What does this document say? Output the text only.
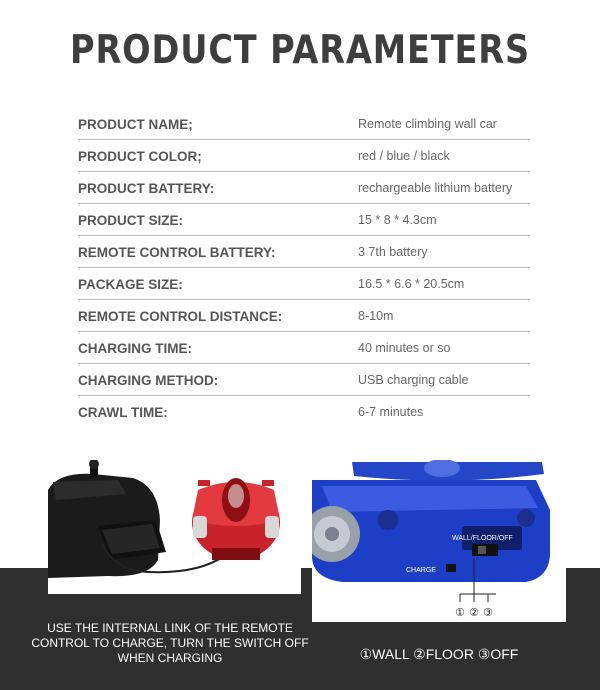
PRODUCT PARAMETERS
PRODUCT NAME;	Remote climbing wall car
PRODUCT COLOR;	red / blue / black
PRODUCT BATTERY:	rechargeable lithium battery
PRODUCT SIZE:	15 * 8 * 4.3cm
REMOTE CONTROL BATTERY:	3 7th battery
PACKAGE SIZE:	16.5 * 6.6 * 20.5cm
REMOTE CONTROL DISTANCE:	8-10m
CHARGING TIME:	40 minutes or so
CHARGING METHOD:	USB charging cable
CRAWL TIME:	6-7 minutes
CHARGE
WALL/FLOOR/OFF
① ② ③
USE THE INTERNAL LINK OF THE REMOTE CONTROL TO CHARGE, TURN THE SWITCH OFF WHEN CHARGING	①WALL ②FLOOR ③OFF
